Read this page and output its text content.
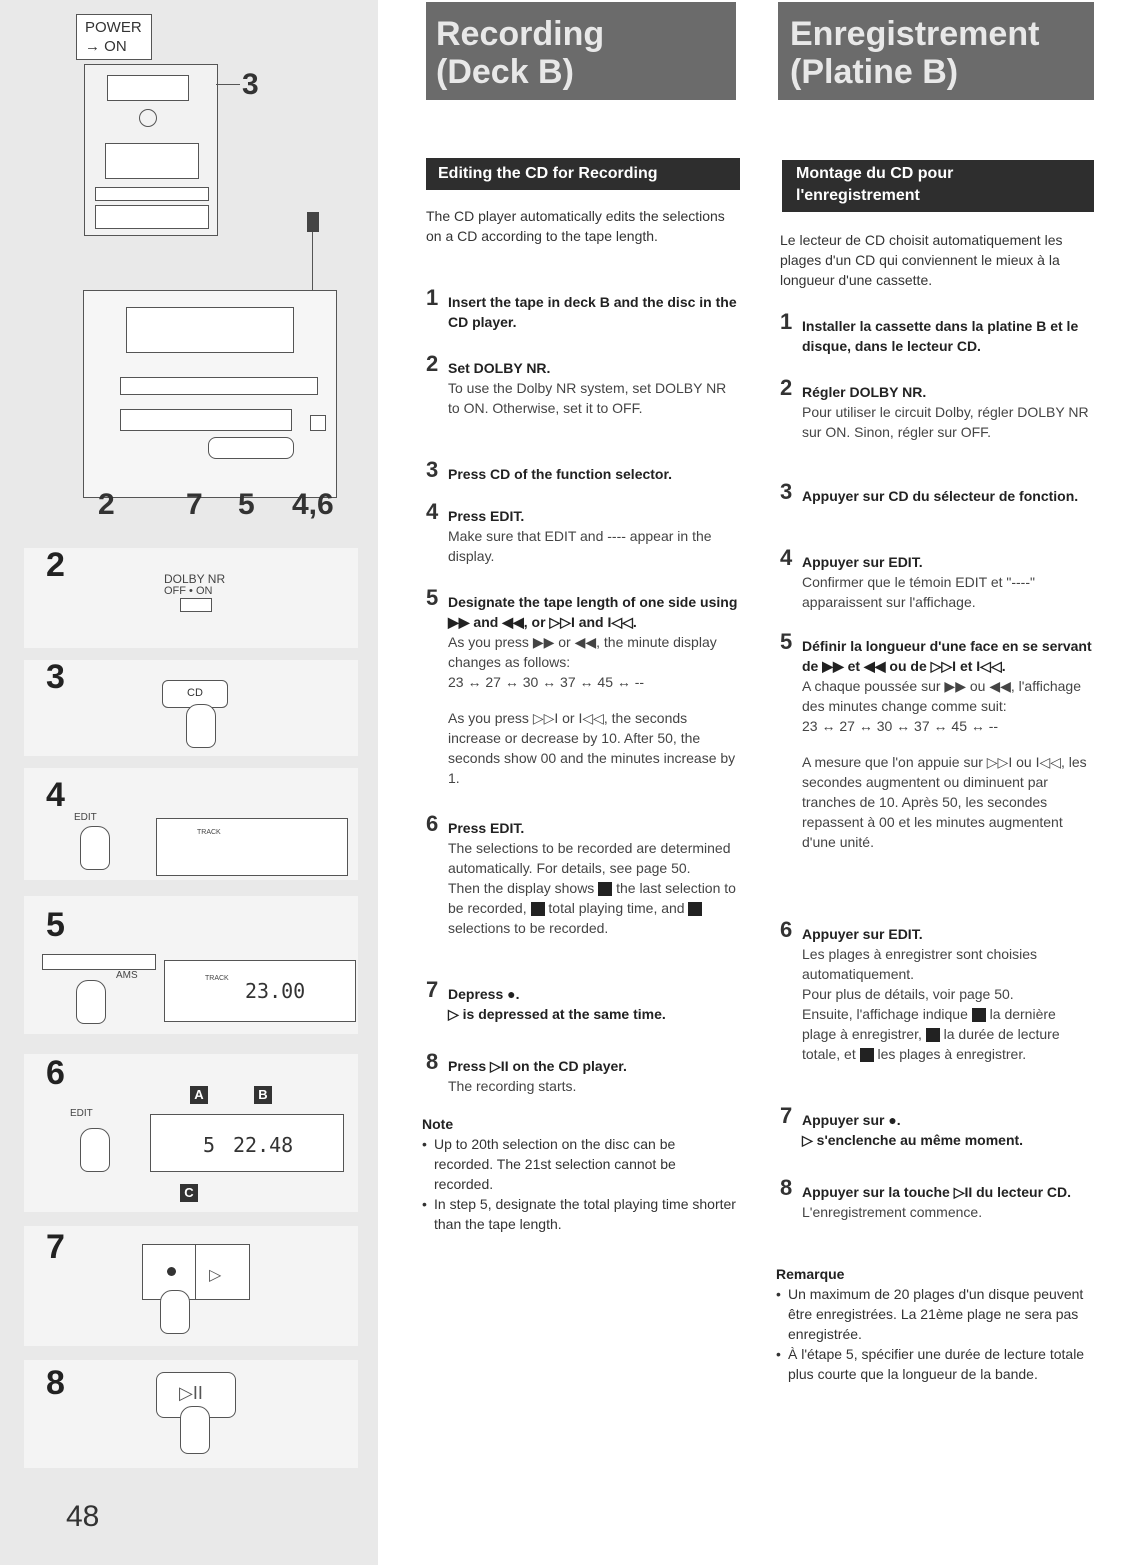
POWER
→ ON
3
2 7 5 4,6
2	DOLBY NR
OFF • ON
3	CD
4
EDIT
TRACK
5
AMS	TRACK
23.00
6
EDIT
A	B
5 22.48
C
7
▷
8	▷II
48
Recording
(Deck B)
Editing the CD for Recording
The CD player automatically edits the selections on a CD according to the tape length.
1 Insert the tape in deck B and the disc in the CD player.
2 Set DOLBY NR.
To use the Dolby NR system, set DOLBY NR to ON. Otherwise, set it to OFF.
3 Press CD of the function selector.
4 Press EDIT.
Make sure that EDIT and ---- appear in the display.
5 Designate the tape length of one side using ▶▶ and ◀◀, or ▷▷I and I◁◁.
As you press ▶▶ or ◀◀, the minute display changes as follows:
23 ↔ 27 ↔ 30 ↔ 37 ↔ 45 ↔ --
As you press ▷▷I or I◁◁, the seconds increase or decrease by 10. After 50, the seconds show 00 and the minutes increase by 1.
6 Press EDIT.
The selections to be recorded are determined automatically. For details, see page 50.
Then the display shows the last selection to be recorded, total playing time, and  selections to be recorded.
7 Depress ●.
▷ is depressed at the same time.
8 Press ▷II on the CD player.
The recording starts.
Note
• Up to 20th selection on the disc can be recorded. The 21st selection cannot be recorded.
• In step 5, designate the total playing time shorter than the tape length.
Enregistrement
(Platine B)
Montage du CD pour
l'enregistrement
Le lecteur de CD choisit automatiquement les plages d'un CD qui conviennent le mieux à la longueur d'une cassette.
1 Installer la cassette dans la platine B et le disque, dans le lecteur CD.
2 Régler DOLBY NR.
Pour utiliser le circuit Dolby, régler DOLBY NR sur ON. Sinon, régler sur OFF.
3 Appuyer sur CD du sélecteur de fonction.
4 Appuyer sur EDIT.
Confirmer que le témoin EDIT et "----" apparaissent sur l'affichage.
5 Définir la longueur d'une face en se servant de ▶▶ et ◀◀ ou de ▷▷I et I◁◁.
A chaque poussée sur ▶▶ ou ◀◀, l'affichage des minutes change comme suit:
23 ↔ 27 ↔ 30 ↔ 37 ↔ 45 ↔ --
A mesure que l'on appuie sur ▷▷I ou I◁◁, les secondes augmentent ou diminuent par tranches de 10. Après 50, les secondes repassent à 00 et les minutes augmentent d'une unité.
6 Appuyer sur EDIT.
Les plages à enregistrer sont choisies automatiquement.
Pour plus de détails, voir page 50.
Ensuite, l'affichage indique la dernière plage à enregistrer, la durée de lecture totale, et les plages à enregistrer.
7 Appuyer sur ●.
▷ s'enclenche au même moment.
8 Appuyer sur la touche ▷II du lecteur CD.
L'enregistrement commence.
Remarque
• Un maximum de 20 plages d'un disque peuvent être enregistrées. La 21ème plage ne sera pas enregistrée.
• À l'étape 5, spécifier une durée de lecture totale plus courte que la longueur de la bande.
